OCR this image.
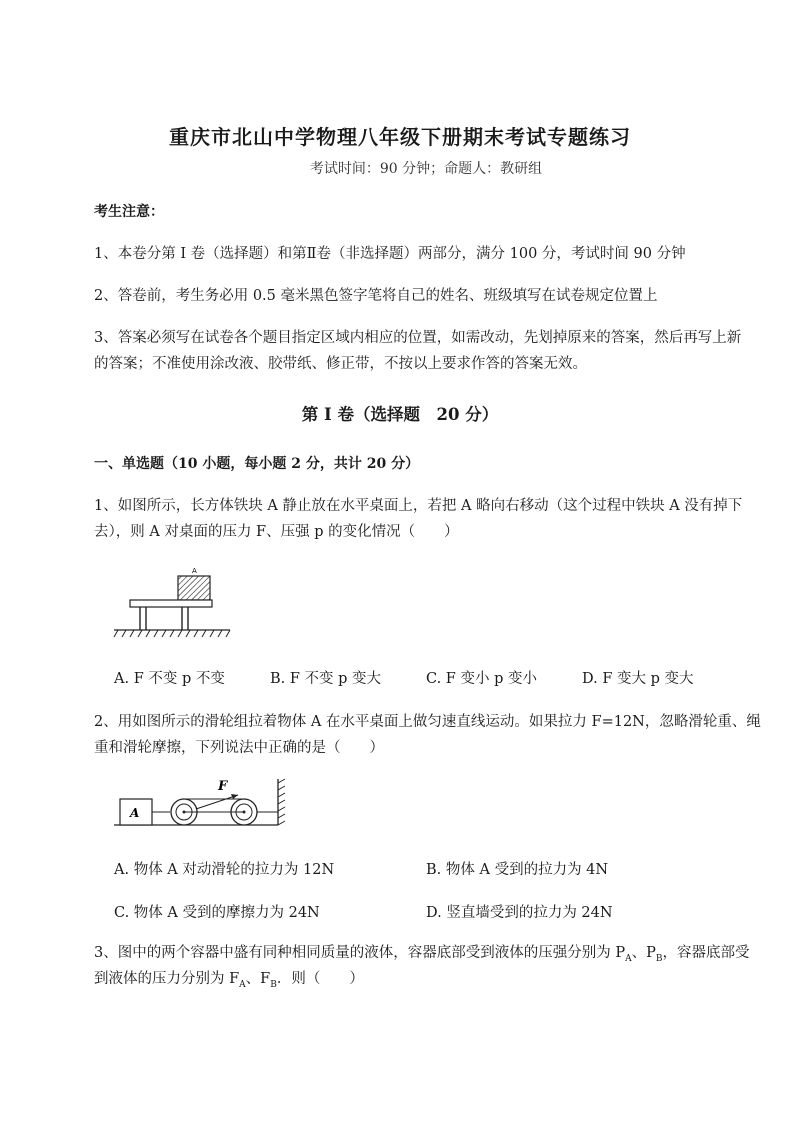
重庆市北山中学物理八年级下册期末考试专题练习
考试时间：90 分钟；命题人：教研组
考生注意：
1、本卷分第 I 卷（选择题）和第Ⅱ卷（非选择题）两部分，满分 100 分，考试时间 90 分钟
2、答卷前，考生务必用 0.5 毫米黑色签字笔将自己的姓名、班级填写在试卷规定位置上
3、答案必须写在试卷各个题目指定区域内相应的位置，如需改动，先划掉原来的答案，然后再写上新
的答案；不准使用涂改液、胶带纸、修正带，不按以上要求作答的答案无效。
第 I 卷（选择题　20 分）
一、单选题（10 小题，每小题 2 分，共计 20 分）
1、如图所示，长方体铁块 A 静止放在水平桌面上，若把 A 略向右移动（这个过程中铁块 A 没有掉下
去），则 A 对桌面的压力 F、压强 p 的变化情况（　　）
A
A. F 不变 p 不变	B. F 不变 p 变大	C. F 变小 p 变小	D. F 变大 p 变大
2、用如图所示的滑轮组拉着物体 A 在水平桌面上做匀速直线运动。如果拉力 F=12N，忽略滑轮重、绳
重和滑轮摩擦，下列说法中正确的是（　　）
A
F
A. 物体 A 对动滑轮的拉力为 12N	B. 物体 A 受到的拉力为 4N
C. 物体 A 受到的摩擦力为 24N	D. 竖直墙受到的拉力为 24N
3、图中的两个容器中盛有同种相同质量的液体，容器底部受到液体的压强分别为 $P_A$、$P_B$，容器底部受
到液体的压力分别为 $F_A$、$F_B$．则（　　）
